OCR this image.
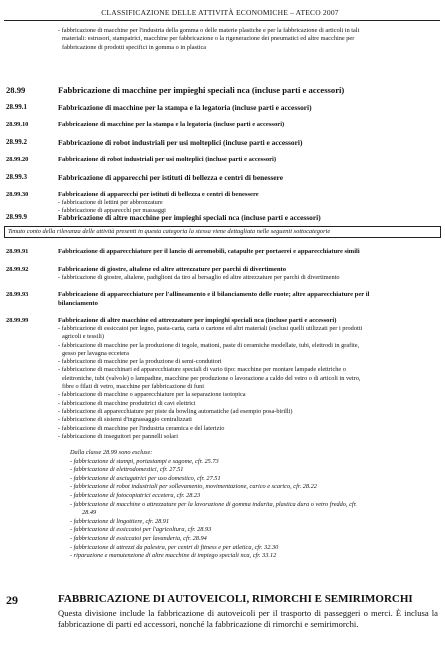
CLASSIFICAZIONE DELLE ATTIVITÀ ECONOMICHE – ATECO 2007
- fabbricazione di macchine per l'industria della gomma o delle materie plastiche e per la fabbricazione di articoli in tali
materiali: estrusori, stampatrici, macchine per fabbricazione o la rigenerazione dei pneumatici ed altre macchine per
fabbricazione di prodotti specifici in gomma o in plastica
28.99	Fabbricazione di macchine per impieghi speciali nca (incluse parti e accessori)
28.99.1	Fabbricazione di macchine per la stampa e la legatoria (incluse parti e accessori)
28.99.10	Fabbricazione di macchine per la stampa e la legatoria (incluse parti e accessori)
28.99.2	Fabbricazione di robot industriali per usi molteplici (incluse parti e accessori)
28.99.20	Fabbricazione di robot industriali per usi molteplici (incluse parti e accessori)
28.99.3	Fabbricazione di apparecchi per istituti di bellezza e centri di benessere
28.99.30	Fabbricazione di apparecchi per istituti di bellezza e centri di benessere
- fabbricazione di lettini per abbronzature
- fabbricazione di apparecchi per massaggi
28.99.9	Fabbricazione di altre macchine per impieghi speciali nca (incluse parti e accessori)
Tenuto conto della rilevanza delle attività presenti in questa categoria la stessa viene dettagliata nelle seguenti sottocategorie
28.99.91	Fabbricazione di apparecchiature per il lancio di aeromobili, catapulte per portaerei e apparecchiature simili
28.99.92	Fabbricazione di giostre, altalene ed altre attrezzature per parchi di divertimento
- fabbricazione di giostre, altalene, padiglioni da tiro al bersaglio ed altre attrezzature per parchi di divertimento
28.99.93	Fabbricazione di apparecchiature per l'allineamento e il bilanciamento delle ruote; altre apparecchiature per il
bilanciamento
28.99.99	Fabbricazione di altre macchine ed attrezzature per impieghi speciali nca (incluse parti e accessori)
- fabbricazione di essiccatoi per legno, pasta-carta, carta o cartone ed altri materiali (esclusi quelli utilizzati per i prodotti
agricoli e tessili)
- fabbricazione di macchine per la produzione di tegole, mattoni, paste di ceramiche modellate, tubi, elettrodi in grafite,
gesso per lavagna eccetera
- fabbricazione di macchine per la produzione di semi-conduttori
- fabbricazione di macchinari ed apparecchiature speciali di vario tipo: macchine per montare lampade elettriche o
elettroniche, tubi (valvole) o lampadine, macchine per produzione o lavorazione a caldo del vetro o di articoli in vetro,
fibre o filati di vetro, macchine per fabbricazione di funi
- fabbricazione di macchine o apparecchiature per la separazione isotopica
- fabbricazione di macchine produttrici di cavi elettrici
- fabbricazione di apparecchiature per piste da bowling automatiche (ad esempio posa-birilli)
- fabbricazione di sistemi d'ingrassaggio centralizzati
- fabbricazione di macchine per l'industria ceramica e del laterizio
- fabbricazione di inseguitori per pannelli solari
Dalla classe 28.99 sono escluse:
- fabbricazione di stampi, portastampi e sagome, cfr. 25.73
- fabbricazione di elettrodomestici, cfr. 27.51
- fabbricazione di asciugatrici per uso domestico, cfr. 27.51
- fabbricazione di robot industriali per sollevamento, movimentazione, carico e scarico, cfr. 28.22
- fabbricazione di fotocopiatrici eccetera, cfr. 28.23
- fabbricazione di macchine o attrezzature per la lavorazione di gomma indurita, plastica dura o vetro freddo, cfr.
28.49
- fabbricazione di lingottiere, cfr. 28.91
- fabbricazione di essiccatoi per l'agricoltura, cfr. 28.93
- fabbricazione di essiccatoi per lavanderia, cfr. 28.94
- fabbricazione di attrezzi da palestra, per centri di fitness e per atletica, cfr. 32.30
- riparazione e manutenzione di altre macchine di impiego speciali nca, cfr. 33.12
29	FABBRICAZIONE DI AUTOVEICOLI, RIMORCHI E SEMIRIMORCHI
Questa divisione include la fabbricazione di autoveicoli per il trasporto di passeggeri o merci. È inclusa la fabbricazione di parti ed accessori, nonché la fabbricazione di rimorchi e semirimorchi.
